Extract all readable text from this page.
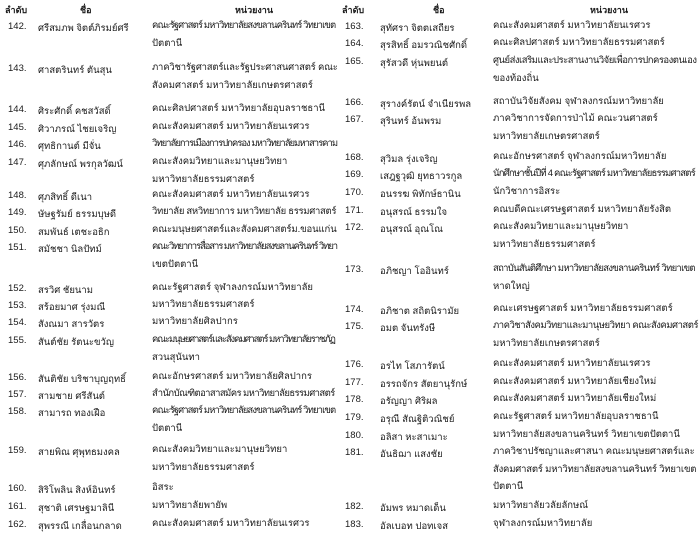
ลำดับ	ชื่อ	หน่วยงาน	ลำดับ	ชื่อ	หน่วยงาน
142. ศรีสมภพ จิตต์ภิรมย์ศรี คณะรัฐศาสตร์ มหาวิทยาลัยสงขลานครินทร์ วิทยาเขต
ปัตตานี
143. ศาสตรินทร์ ตันสุน	ภาควิชารัฐศาสตร์และรัฐประศาสนศาสตร์ คณะ
สังคมศาสตร์ มหาวิทยาลัยเกษตรศาสตร์
144. ศิระศักดิ์ คชสวัสดิ์	คณะศิลปศาสตร์ มหาวิทยาลัยอุบลราชธานี
145. ศิวาภรณ์ ไชยเจริญ	คณะสังคมศาสตร์ มหาวิทยาลัยนเรศวร
146. ศุทธิกานต์ มีจั่น	วิทยาลัยการเมืองการปกครอง มหาวิทยาลัยมหาสารคาม
147. ศุภลักษณ์ พรกุลวัฒน์	คณะสังคมวิทยาและมานุษยวิทยา
มหาวิทยาลัยธรรมศาสตร์
148. ศุภสิทธิ์ ดีเนา	คณะสังคมศาสตร์ มหาวิทยาลัยนเรศวร
149. ษัษฐรัมย์ ธรรมบุษดี	วิทยาลัย สหวิทยาการ มหาวิทยาลัย ธรรมศาสตร์
150. สมพันธ์ เตชะอธิก	คณะมนุษยศาสตร์และสังคมศาสตร์ม.ขอนแก่น
151. สมัชชา นิลปัทม์	คณะวิทยาการสื่อสาร มหาวิทยาลัยสงขลานครินทร์ วิทยา
เขตปัตตานี
152. สรวิศ ชัยนาม	คณะรัฐศาสตร์ จุฬาลงกรณ์มหาวิทยาลัย
153. สร้อยมาศ รุ่งมณี	มหาวิทยาลัยธรรมศาสตร์
154. สังณมา สารวัตร	มหาวิทยาลัยศิลปากร
155. สันต์ชัย รัตนะขวัญ	คณะมนุษยศาสตร์และสังคมศาสตร์ มหาวิทยาลัยราชภัฏ
สวนสุนันทา
156. สันติชัย บริชาบุญฤทธิ์	คณะอักษรศาสตร์ มหาวิทยาลัยศิลปากร
157. สามชาย ศรีสันต์	สำนักบัณฑิตอาสาสมัคร มหาวิทยาลัยธรรมศาสตร์
158. สามารถ ทองเฝือ	คณะรัฐศาสตร์ มหาวิทยาลัยสงขลานครินทร์ วิทยาเขต
ปัตตานี
159. สายพิณ ศุพุทธมงคล	คณะสังคมวิทยาและมานุษยวิทยา
มหาวิทยาลัยธรรมศาสตร์
160. สิริโพลิน สิงห์อินทร์	อิสระ
161. สุชาติ เศรษฐมาลินี	มหาวิทยาลัยพายัพ
162. สุพรรณี เกลื่อนกลาด	คณะสังคมศาสตร์ มหาวิทยาลัยนเรศวร
163. สุทัศรา จิตตเสถียร	คณะสังคมศาสตร์ มหาวิทยาลัยนเรศวร
164. สุรสิทธิ์ อมรวณิชศักดิ์	คณะศิลปศาสตร์ มหาวิทยาลัยธรรมศาสตร์
165. สุรัสวดี หุ่นพยนต์	ศูนย์ส่งเสริมและประสานงานวิจัยเพื่อการปกครองตนเอง
ของท้องถิ่น
166. สุรางค์รัตน์ จำเนียรพล สถาบันวิจัยสังคม จุฬาลงกรณ์มหาวิทยาลัย
167. สุรินทร์ อ้นพรม	ภาควิชาการจัดการป่าไม้ คณะวนศาสตร์
มหาวิทยาลัยเกษตรศาสตร์
168. สุวิมล รุ่งเจริญ	คณะอักษรศาสตร์ จุฬาลงกรณ์มหาวิทยาลัย
169. เสฎฐวุฒิ ยุทธาวรกูล	นักศึกษาชั้นปีที่ 4 คณะรัฐศาสตร์ มหาวิทยาลัยธรรมศาสตร์
170. อนรรฆ พิทักษ์ธานิน	นักวิชาการอิสระ
171. อนุสรณ์ ธรรมใจ	คณบดีคณะเศรษฐศาสตร์ มหาวิทยาลัยรังสิต
172. อนุสรณ์ อุณโณ	คณะสังคมวิทยาและมานุษยวิทยา
มหาวิทยาลัยธรรมศาสตร์
173. อภิชญา โออินทร์	สถาบันสันติศึกษา มหาวิทยาลัยสงขลานครินทร์ วิทยาเขต
หาดใหญ่
174. อภิชาต สถิตนิรามัย	คณะเศรษฐศาสตร์ มหาวิทยาลัยธรรมศาสตร์
175. อมต จันทรังษี	ภาควิชาสังคมวิทยาและมานุษยวิทยา คณะสังคมศาสตร์
มหาวิทยาลัยเกษตรศาสตร์
176. อรไท โสภารัตน์	คณะสังคมศาสตร์ มหาวิทยาลัยนเรศวร
177. อรรถจักร สัตยานุรักษ์	คณะสังคมศาสตร์ มหาวิทยาลัยเชียงใหม่
178. อรัญญา ศิริผล	คณะสังคมศาสตร์ มหาวิทยาลัยเชียงใหม่
179. อรุณี สัณฐิติวณิชย์	คณะรัฐศาสตร์ มหาวิทยาลัยอุบลราชธานี
180. อลิสา หะสาเมาะ	มหาวิทยาลัยสงขลานครินทร์ วิทยาเขตปัตตานี
181. อันธิฌา แสงชัย	ภาควิชาปรัชญาและศาสนา คณะมนุษยศาสตร์และ
สังคมศาสตร์ มหาวิทยาลัยสงขลานครินทร์ วิทยาเขต
ปัตตานี
182. อัมพร หมาดเด็น	มหาวิทยาลัยวลัยลักษณ์
183. อัลเบอท ปอทเจส	จุฬาลงกรณ์มหาวิทยาลัย
